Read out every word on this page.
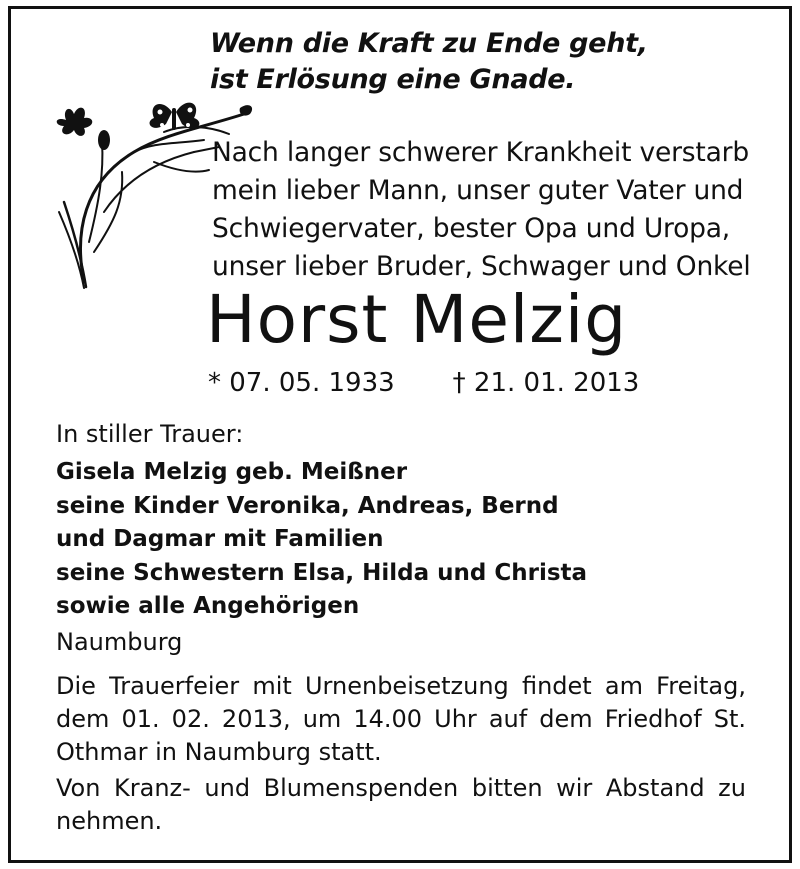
Wenn die Kraft zu Ende geht,
ist Erlösung eine Gnade.
Nach langer schwerer Krankheit verstarb
mein lieber Mann, unser guter Vater und
Schwiegervater, bester Opa und Uropa,
unser lieber Bruder, Schwager und Onkel
Horst Melzig
* 07. 05. 1933 † 21. 01. 2013
In stiller Trauer:
Gisela Melzig geb. Meißner
seine Kinder Veronika, Andreas, Bernd
und Dagmar mit Familien
seine Schwestern Elsa, Hilda und Christa
sowie alle Angehörigen
Naumburg
Die Trauerfeier mit Urnenbeisetzung findet am Freitag, dem 01. 02. 2013, um 14.00 Uhr auf dem Friedhof St. Othmar in Naumburg statt.
Von Kranz- und Blumenspenden bitten wir Abstand zu nehmen.
